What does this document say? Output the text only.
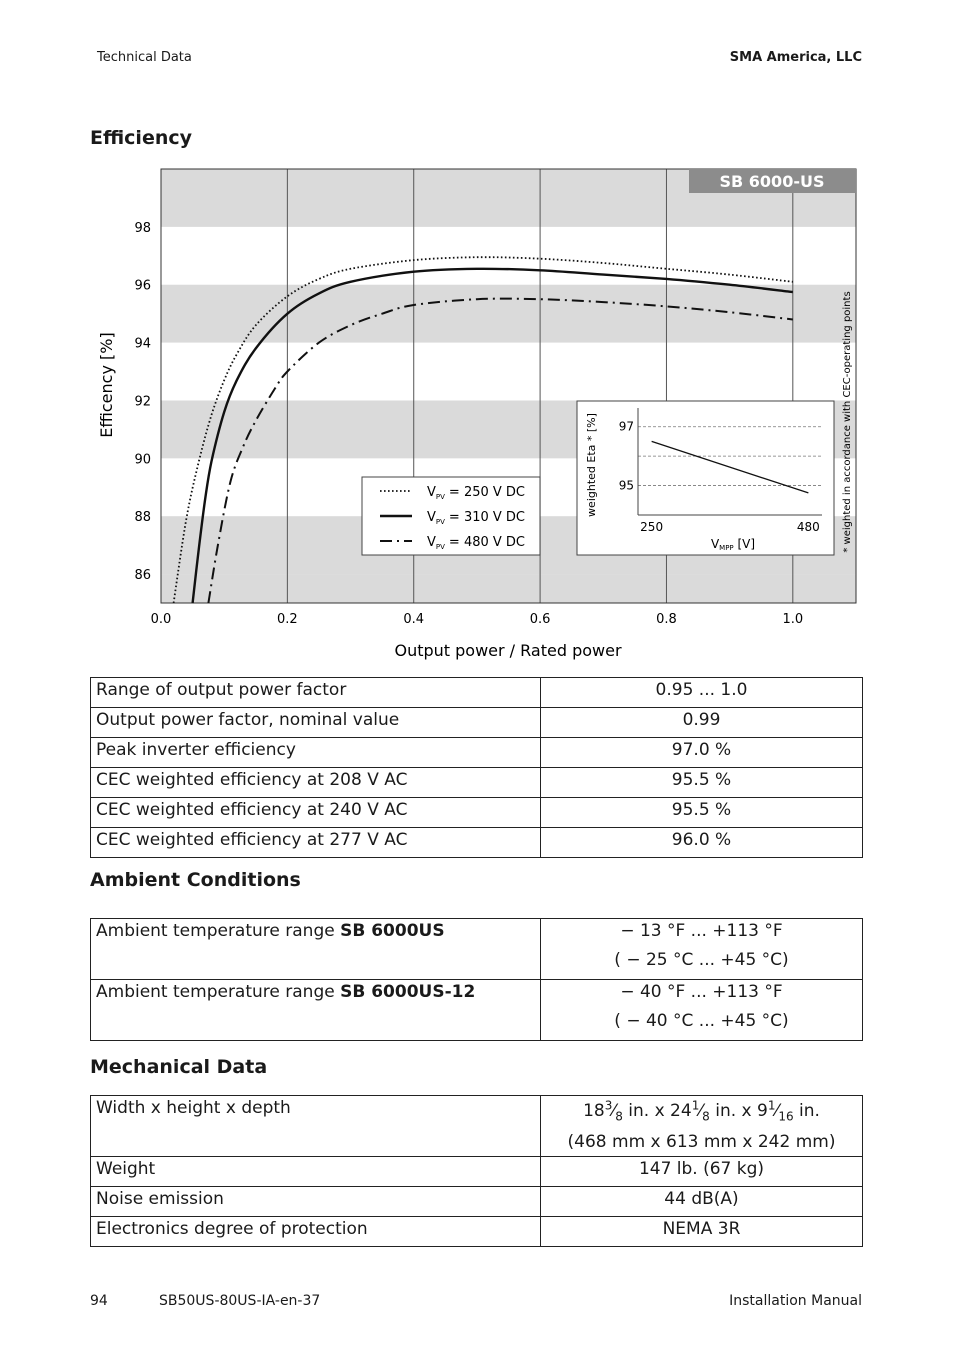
Technical Data	SMA America, LLC
Efficiency
86
88
90
92
94
96
98
0.0	0.2	0.4	0.6	0.8	1.0
SB 6000-US
Efficency [%]
Output power / Rated power
* weighted in accordance with CEC-operating points
$V_{PV} = 250$ V DC
$V_{PV} = 310$ V DC
$V_{PV} = 480$ V DC
weighted Eta * [%]
VMPP [V]
97
95
250	480
Range of output power factor	0.95 ... 1.0
Output power factor, nominal value	0.99
Peak inverter efficiency	97.0 %
CEC weighted efficiency at 208 V AC	95.5 %
CEC weighted efficiency at 240 V AC	95.5 %
CEC weighted efficiency at 277 V AC	96.0 %
Ambient Conditions
Ambient temperature range SB 6000US	− 13 °F ... +113 °F
( − 25 °C ... +45 °C)

Ambient temperature range SB 6000US-12	− 40 °F ... +113 °F
( − 40 °C ... +45 °C)
Mechanical Data
Width x height x depth	$18^3⁄_8$ in. x $24^1⁄_8$ in. x $9^1⁄_{16}$ in.
(468 mm x 613 mm x 242 mm)

Weight	147 lb. (67 kg)
Noise emission	44 dB(A)
Electronics degree of protection	NEMA 3R
94	SB50US-80US-IA-en-37	Installation Manual
